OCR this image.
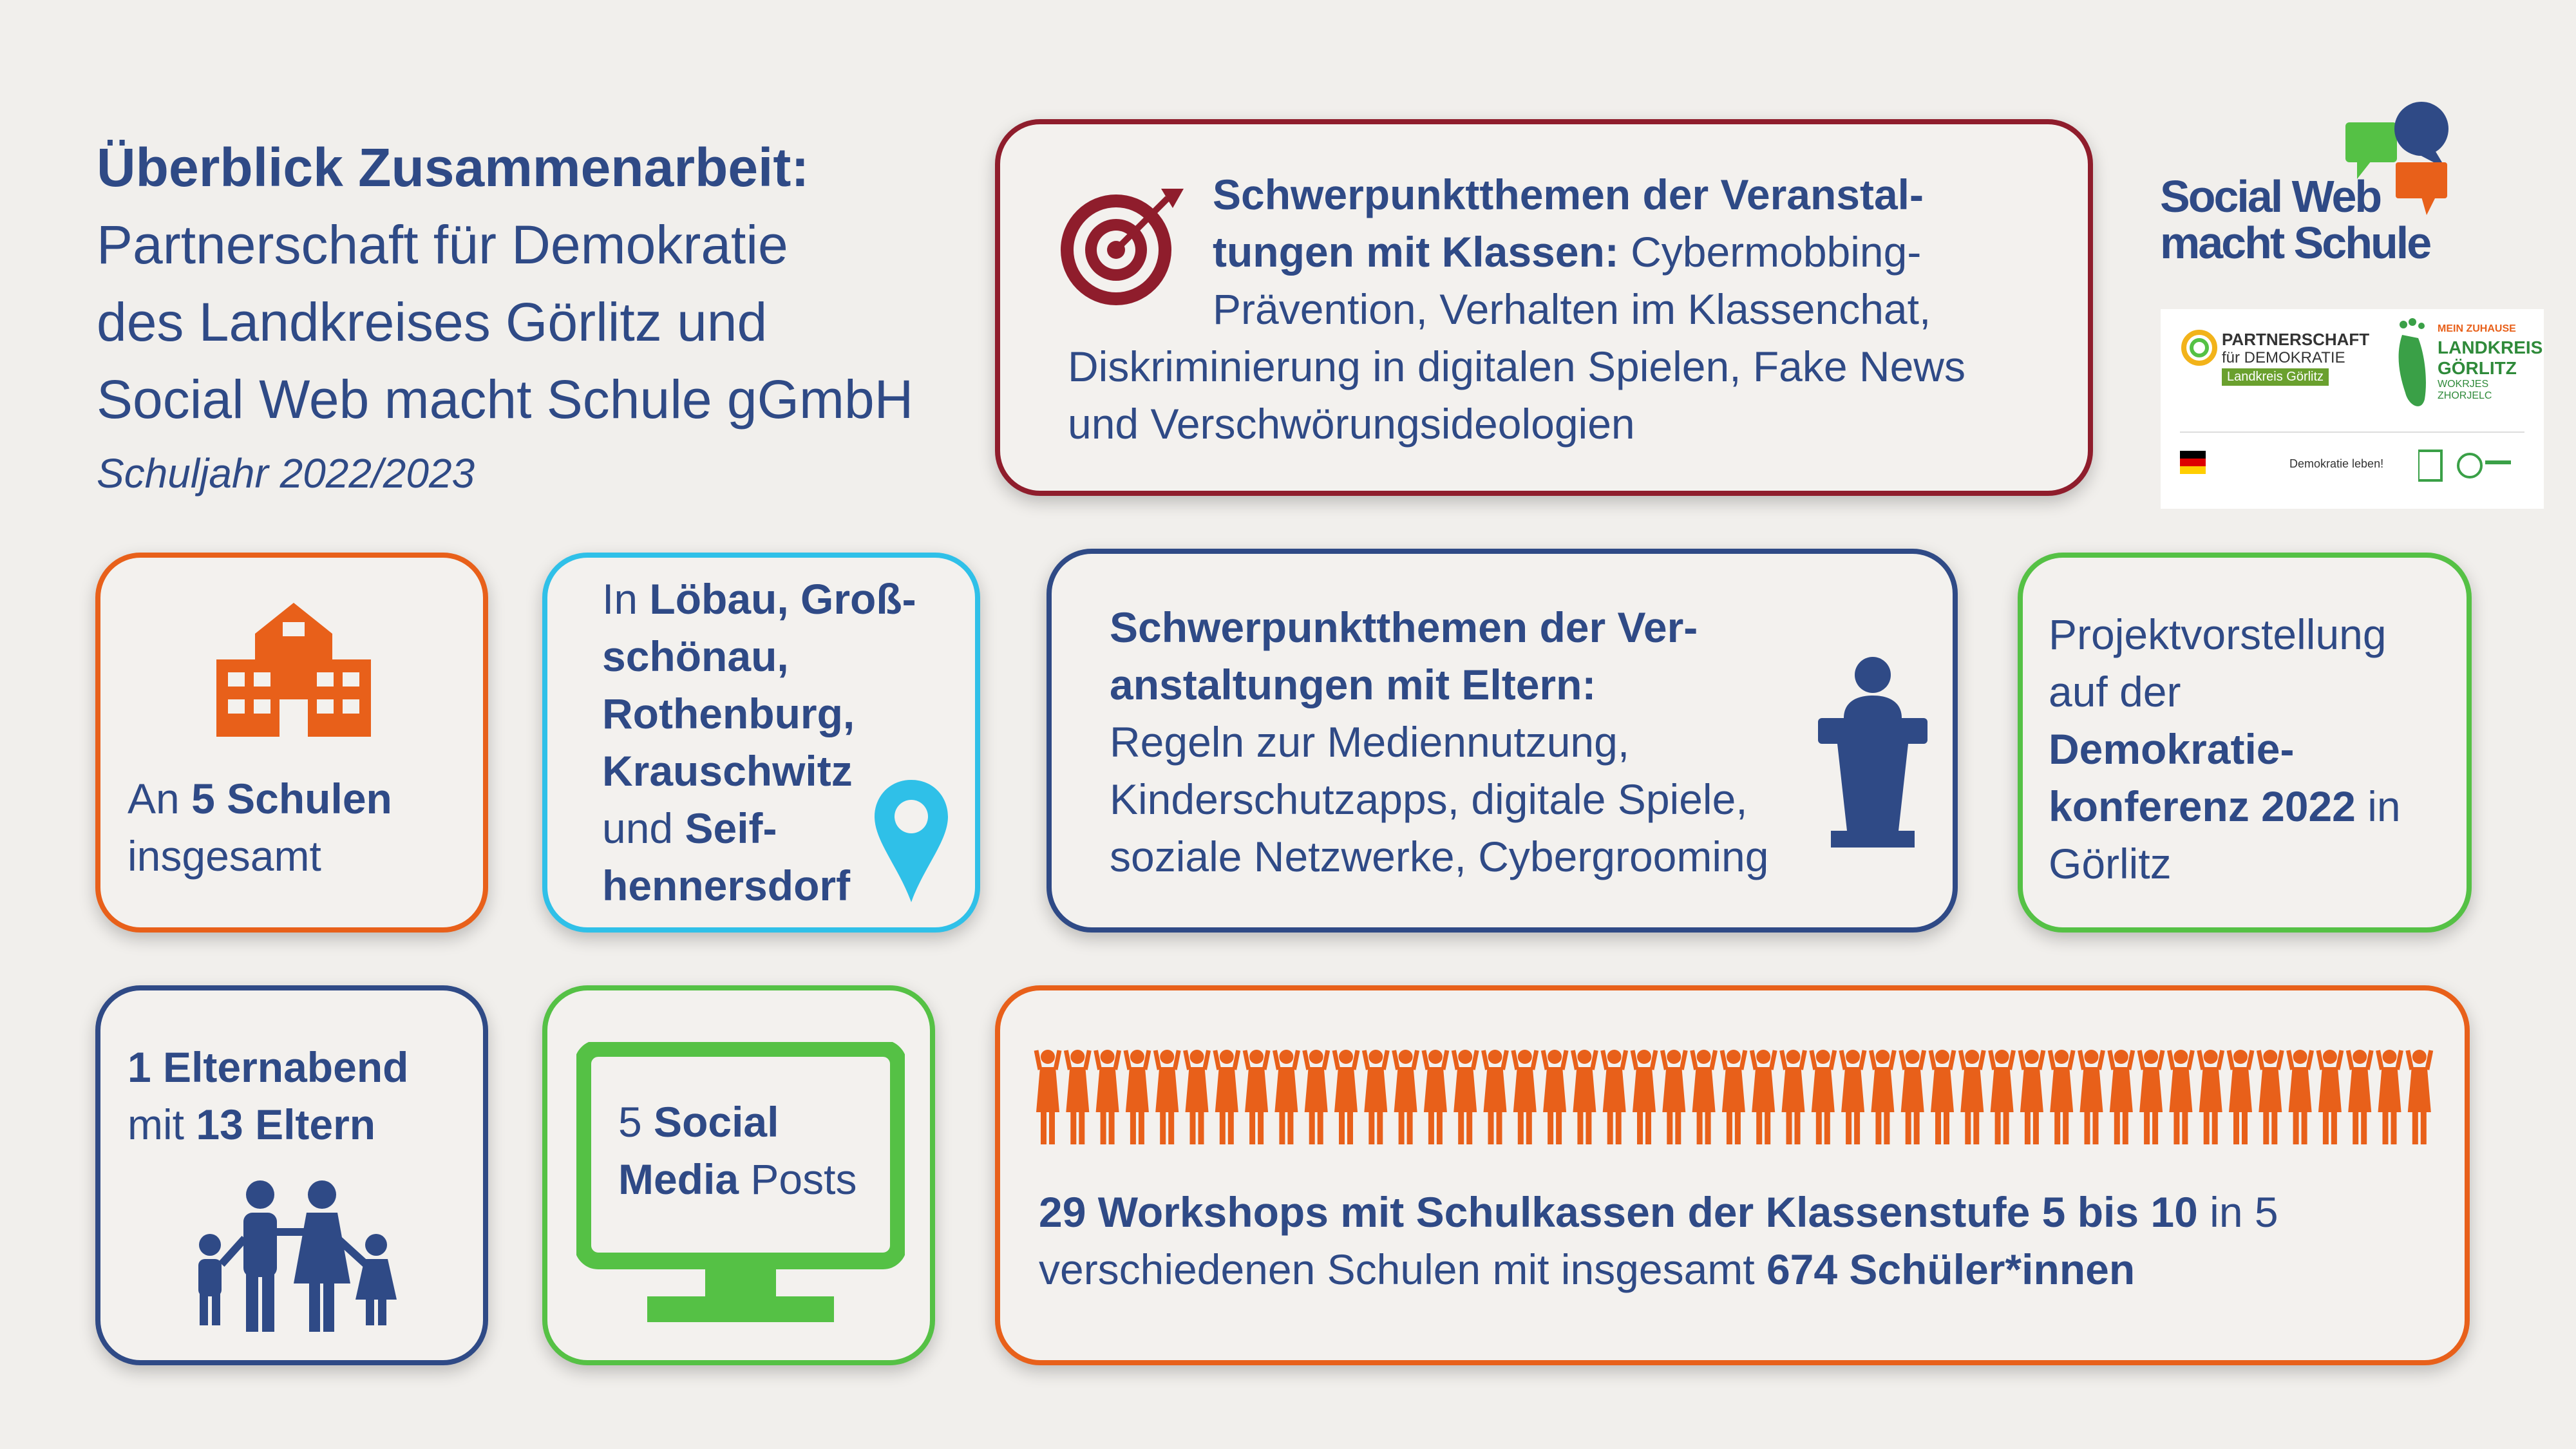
Überblick Zusammenarbeit:
Partnerschaft für Demokratie
des Landkreises Görlitz und
Social Web macht Schule gGmbH
Schuljahr 2022/2023
Social Web
macht Schule
PARTNERSCHAFT
für DEMOKRATIE
Landkreis Görlitz
MEIN ZUHAUSE
LANDKREIS
GÖRLITZ
WOKRJES ZHORJELC
Demokratie leben!
Schwerpunktthemen der Veranstal-
tungen mit Klassen: Cybermobbing-
Prävention, Verhalten im Klassenchat,
Diskriminierung in digitalen Spielen, Fake News
und Verschwörungsideologien
An 5 Schulen
insgesamt
In Löbau, Groß-
schönau,
Rothenburg,
Krauschwitz
und Seif-
hennersdorf
Schwerpunktthemen der Ver-
anstaltungen mit Eltern:
Regeln zur Mediennutzung,
Kinderschutzapps, digitale Spiele,
soziale Netzwerke, Cybergrooming
Projektvorstellung
auf der
Demokratie-
konferenz 2022 in
Görlitz
1 Elternabend
mit 13 Eltern	5 Social
Media Posts
29 Workshops mit Schulkassen der Klassenstufe 5 bis 10 in 5
verschiedenen Schulen mit insgesamt 674 Schüler*innen
